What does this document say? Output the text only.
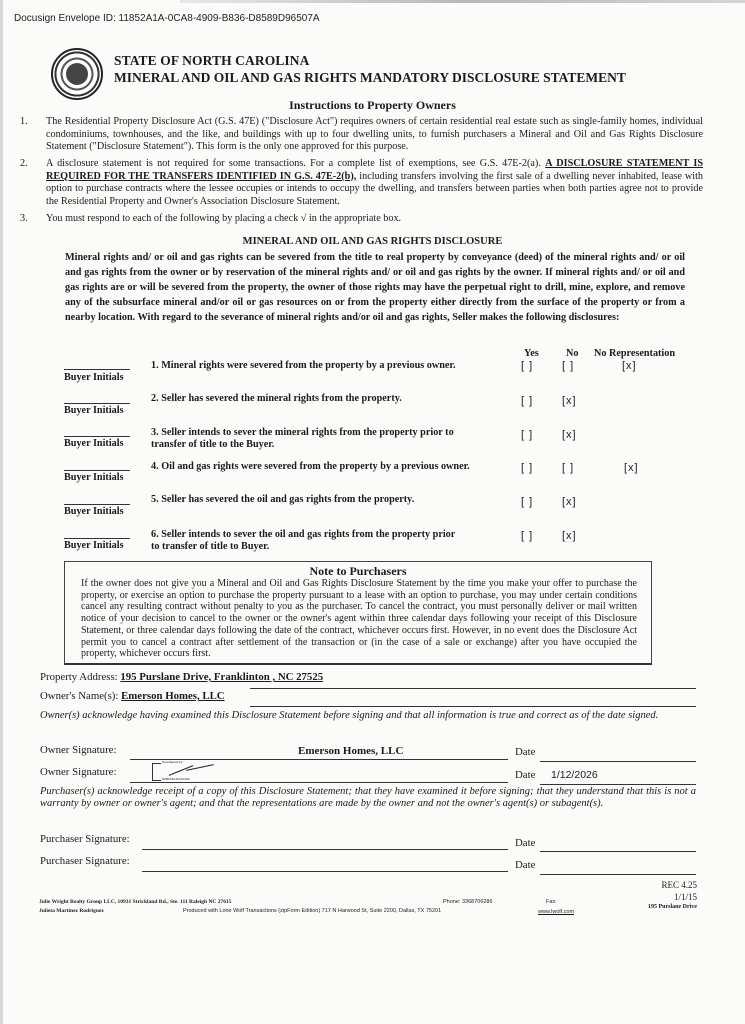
Docusign Envelope ID: 11852A1A-0CA8-4909-B836-D8589D96507A
STATE OF NORTH CAROLINA
MINERAL AND OIL AND GAS RIGHTS MANDATORY DISCLOSURE STATEMENT
Instructions to Property Owners
1. The Residential Property Disclosure Act (G.S. 47E) ("Disclosure Act") requires owners of certain residential real estate such as single-family homes, individual condominiums, townhouses, and the like, and buildings with up to four dwelling units, to furnish purchasers a Mineral and Oil and Gas Rights Disclosure Statement ("Disclosure Statement"). This form is the only one approved for this purpose.
2. A disclosure statement is not required for some transactions. For a complete list of exemptions, see G.S. 47E-2(a). A DISCLOSURE STATEMENT IS REQUIRED FOR THE TRANSFERS IDENTIFIED IN G.S. 47E-2(b), including transfers involving the first sale of a dwelling never inhabited, lease with option to purchase contracts where the lessee occupies or intends to occupy the dwelling, and transfers between parties when both parties agree not to provide the Residential Property and Owner's Association Disclosure Statement.
3. You must respond to each of the following by placing a check √ in the appropriate box.
MINERAL AND OIL AND GAS RIGHTS DISCLOSURE
Mineral rights and/ or oil and gas rights can be severed from the title to real property by conveyance (deed) of the mineral rights and/ or oil and gas rights from the owner or by reservation of the mineral rights and/ or oil and gas rights by the owner. If mineral rights and/ or oil and gas rights are or will be severed from the property, the owner of those rights may have the perpetual right to drill, mine, explore, and remove any of the subsurface mineral and/or oil or gas resources on or from the property either directly from the surface of the property or from a nearby location. With regard to the severance of mineral rights and/or oil and gas rights, Seller makes the following disclosures:
Yes	No No Representation
Buyer Initials
1. Mineral rights were severed from the property by a previous owner.	[ ]	[ ]	[x]
Buyer Initials
2. Seller has severed the mineral rights from the property.	[ ]	[x]
Buyer Initials
3. Seller intends to sever the mineral rights from the property prior to
transfer of title to the Buyer.
[ ]	[x]
Buyer Initials
4. Oil and gas rights were severed from the property by a previous owner.	[ ]	[ ]	[x]
Buyer Initials
5. Seller has severed the oil and gas rights from the property.	[ ]	[x]
Buyer Initials
6. Seller intends to sever the oil and gas rights from the property prior
to transfer of title to Buyer.
[ ]	[x]
Note to Purchasers
If the owner does not give you a Mineral and Oil and Gas Rights Disclosure Statement by the time you make your offer to purchase the property, or exercise an option to purchase the property pursuant to a lease with an option to purchase, you may under certain conditions cancel any resulting contract without penalty to you as the purchaser. To cancel the contract, you must personally deliver or mail written notice of your decision to cancel to the owner or the owner's agent within three calendar days following your receipt of this Disclosure Statement, or three calendar days following the date of the contract, whichever occurs first. However, in no event does the Disclosure Act permit you to cancel a contract after settlement of the transaction or (in the case of a sale or exchange) after you have occupied the property, whichever occurs first.
Property Address: 195 Purslane Drive, Franklinton , NC 27525
Owner's Name(s): Emerson Homes, LLC
Owner(s) acknowledge having examined this Disclosure Statement before signing and that all information is true and correct as of the date signed.
Owner Signature:	Emerson Homes, LLC	Date
Owner Signature:
DocuSigned by:
D0B7A3C41F2A4A6	Date 1/12/2026
Purchaser(s) acknowledge receipt of a copy of this Disclosure Statement; that they have examined it before signing; that they understand that this is not a warranty by owner or owner's agent; and that the representations are made by the owner and not the owner's agent(s) or subagent(s).
Purchaser Signature:	Date
Purchaser Signature:	Date
REC 4.25
1/1/15
195 Purslane Drive
Julie Wright Realty Group LLC, 10931 Strickland Rd., Ste. 111 Raleigh NC 27615
Julieta Martinez Rodriguez	Produced with Lone Wolf Transactions (zipForm Edition) 717 N Harwood St, Suite 2200, Dallas, TX 75201
Phone: 3368706286	Fax:
www.lwolf.com
